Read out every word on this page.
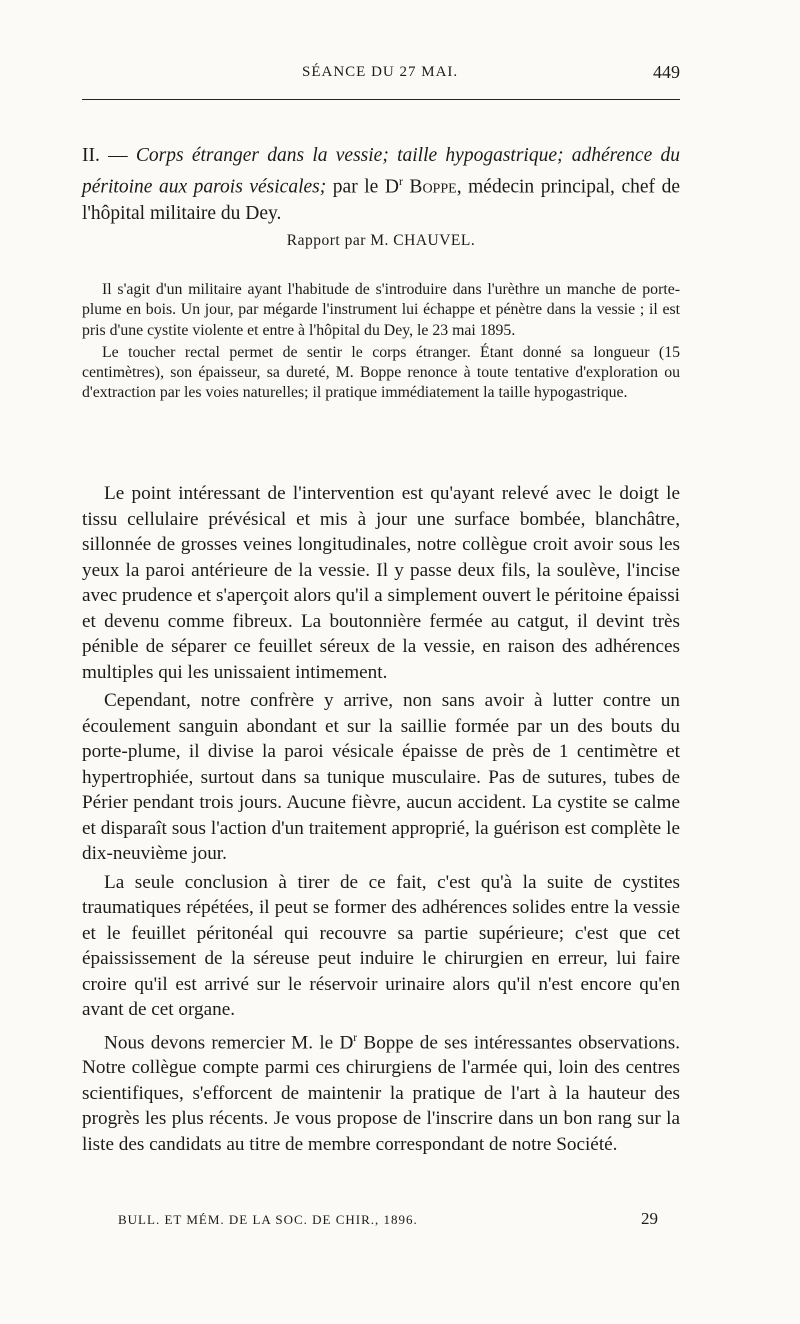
SÉANCE DU 27 MAI.	449
II. — Corps étranger dans la vessie; taille hypogastrique; adhérence du péritoine aux parois vésicales; par le $D^r$ Boppe, médecin principal, chef de l'hôpital militaire du Dey.
Rapport par M. CHAUVEL.

Il s'agit d'un militaire ayant l'habitude de s'introduire dans l'urèthre un manche de porte-plume en bois. Un jour, par mégarde l'instrument lui échappe et pénètre dans la vessie ; il est pris d'une cystite violente et entre à l'hôpital du Dey, le 23 mai 1895.

Le toucher rectal permet de sentir le corps étranger. Étant donné sa longueur (15 centimètres), son épaisseur, sa dureté, M. Boppe renonce à toute tentative d'exploration ou d'extraction par les voies naturelles; il pratique immédiatement la taille hypogastrique.

Le point intéressant de l'intervention est qu'ayant relevé avec le doigt le tissu cellulaire prévésical et mis à jour une surface bombée, blanchâtre, sillonnée de grosses veines longitudinales, notre collègue croit avoir sous les yeux la paroi antérieure de la vessie. Il y passe deux fils, la soulève, l'incise avec prudence et s'aperçoit alors qu'il a simplement ouvert le péritoine épaissi et devenu comme fibreux. La boutonnière fermée au catgut, il devint très pénible de séparer ce feuillet séreux de la vessie, en raison des adhérences multiples qui les unissaient intimement.

Cependant, notre confrère y arrive, non sans avoir à lutter contre un écoulement sanguin abondant et sur la saillie formée par un des bouts du porte-plume, il divise la paroi vésicale épaisse de près de 1 centimètre et hypertrophiée, surtout dans sa tunique musculaire. Pas de sutures, tubes de Périer pendant trois jours. Aucune fièvre, aucun accident. La cystite se calme et disparaît sous l'action d'un traitement approprié, la guérison est complète le dix-neuvième jour.

La seule conclusion à tirer de ce fait, c'est qu'à la suite de cystites traumatiques répétées, il peut se former des adhérences solides entre la vessie et le feuillet péritonéal qui recouvre sa partie supérieure; c'est que cet épaississement de la séreuse peut induire le chirurgien en erreur, lui faire croire qu'il est arrivé sur le réservoir urinaire alors qu'il n'est encore qu'en avant de cet organe.

Nous devons remercier M. le $D^r$ Boppe de ses intéressantes observations. Notre collègue compte parmi ces chirurgiens de l'armée qui, loin des centres scientifiques, s'efforcent de maintenir la pratique de l'art à la hauteur des progrès les plus récents. Je vous propose de l'inscrire dans un bon rang sur la liste des candidats au titre de membre correspondant de notre Société.

BULL. ET MÉM. DE LA SOC. DE CHIR., 1896.	29
